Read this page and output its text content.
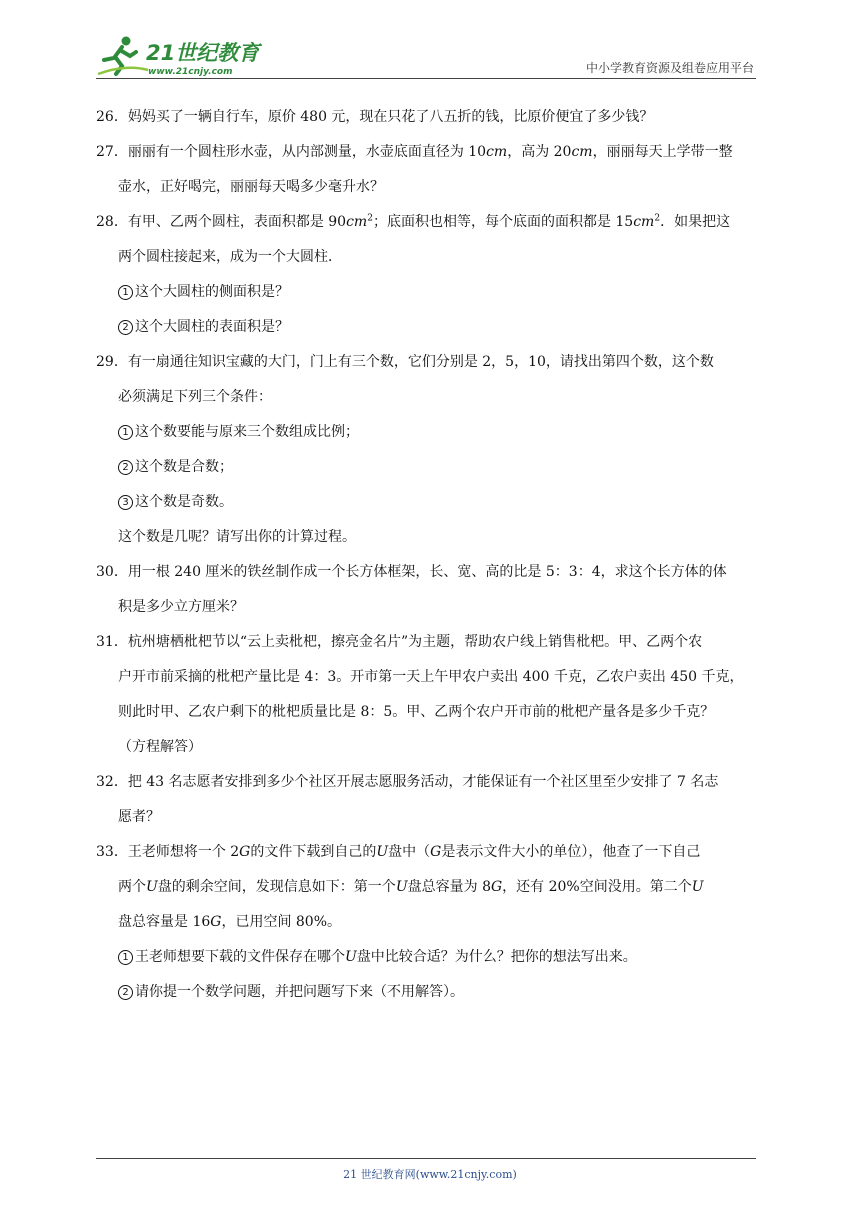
21世纪教育
www.21cnjy.com	中小学教育资源及组卷应用平台
26．妈妈买了一辆自行车，原价 480 元，现在只花了八五折的钱，比原价便宜了多少钱？
27．丽丽有一个圆柱形水壶，从内部测量，水壶底面直径为 10cm，高为 20cm，丽丽每天上学带一整
壶水，正好喝完，丽丽每天喝多少毫升水？
28．有甲、乙两个圆柱，表面积都是 $90cm^2$；底面积也相等，每个底面的面积都是 $15cm^2$．如果把这
两个圆柱接起来，成为一个大圆柱．
1 这个大圆柱的侧面积是？
2 这个大圆柱的表面积是？
29．有一扇通往知识宝藏的大门，门上有三个数，它们分别是 2，5，10，请找出第四个数，这个数
必须满足下列三个条件：
1 这个数要能与原来三个数组成比例；
2 这个数是合数；
3 这个数是奇数。
这个数是几呢？请写出你的计算过程。
30．用一根 240 厘米的铁丝制作成一个长方体框架，长、宽、高的比是 5：3：4，求这个长方体的体
积是多少立方厘米？
31．杭州塘栖枇杷节以“云上卖枇杷，擦亮金名片”为主题，帮助农户线上销售枇杷。甲、乙两个农
户开市前采摘的枇杷产量比是 4：3。开市第一天上午甲农户卖出 400 千克，乙农户卖出 450 千克，
则此时甲、乙农户剩下的枇杷质量比是 8：5。甲、乙两个农户开市前的枇杷产量各是多少千克？
（方程解答）
32．把 43 名志愿者安排到多少个社区开展志愿服务活动，才能保证有一个社区里至少安排了 7 名志
愿者？
33．王老师想将一个 2G的文件下载到自己的U盘中（G是表示文件大小的单位），他查了一下自己
两个U盘的剩余空间，发现信息如下：第一个U盘总容量为 8G，还有 20%空间没用。第二个U
盘总容量是 16G，已用空间 80%。
1 王老师想要下载的文件保存在哪个U盘中比较合适？为什么？把你的想法写出来。
2 请你提一个数学问题，并把问题写下来（不用解答）。
21 世纪教育网(www.21cnjy.com)
